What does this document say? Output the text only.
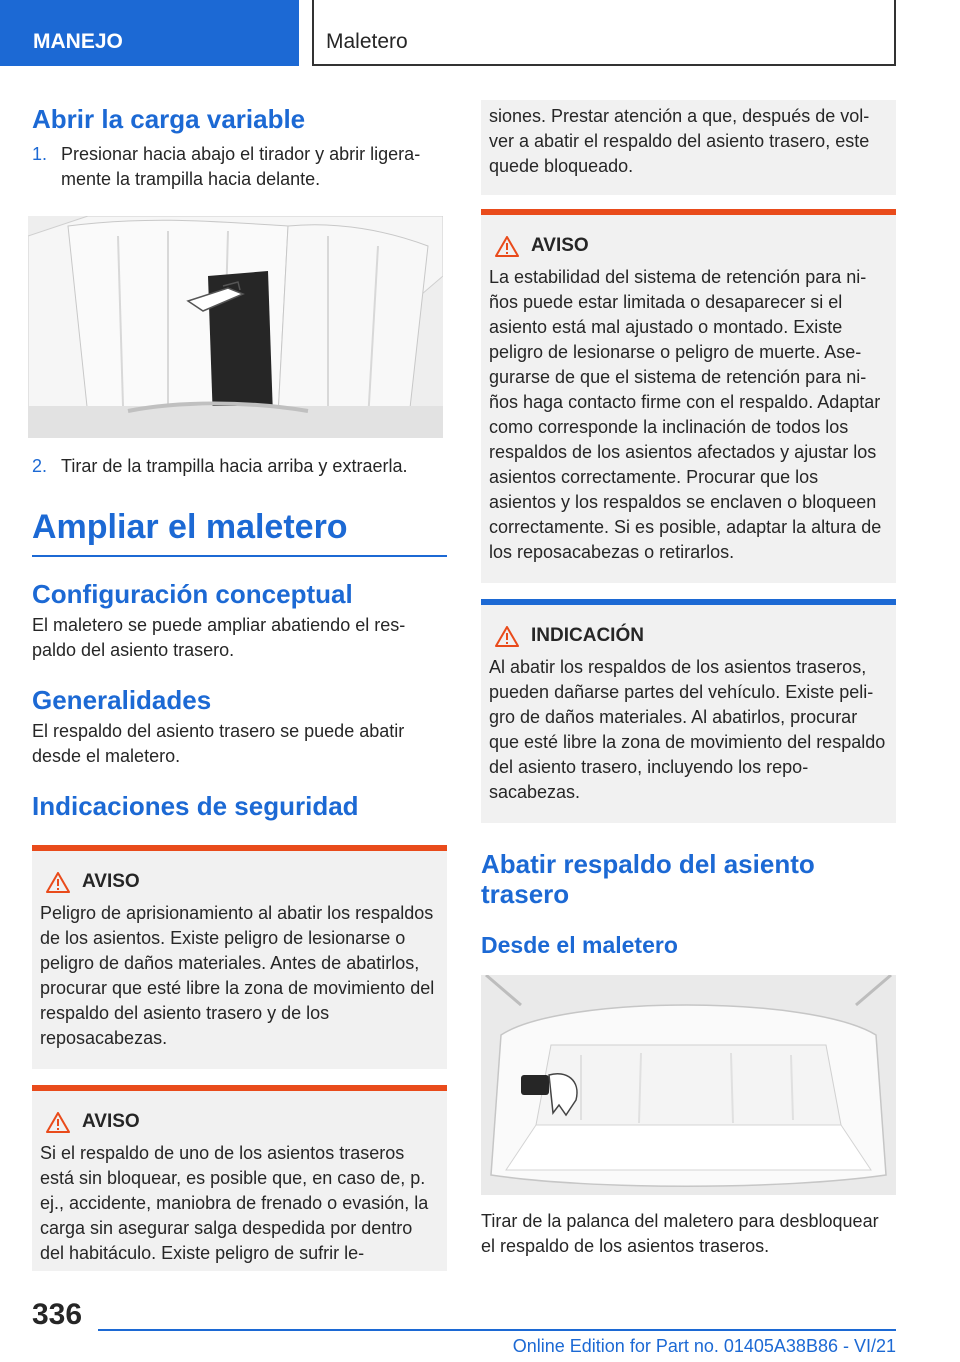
MANEJO	Maletero
Abrir la carga variable
1. Presionar hacia abajo el tirador y abrir ligeramente la trampilla hacia delante.
2. Tirar de la trampilla hacia arriba y extraerla.
Ampliar el maletero
Configuración conceptual
El maletero se puede ampliar abatiendo el respaldo del asiento trasero.
Generalidades
El respaldo del asiento trasero se puede abatir desde el maletero.
Indicaciones de seguridad
AVISO
Peligro de aprisionamiento al abatir los respaldos de los asientos. Existe peligro de lesionarse o peligro de daños materiales. Antes de abatirlos, procurar que esté libre la zona de movimiento del respaldo del asiento trasero y de los reposacabezas.
AVISO
Si el respaldo de uno de los asientos traseros está sin bloquear, es posible que, en caso de, p. ej., accidente, maniobra de frenado o evasión, la carga sin asegurar salga despedida por dentro del habitáculo. Existe peligro de sufrir le-
siones. Prestar atención a que, después de volver a abatir el respaldo del asiento trasero, este quede bloqueado.
AVISO
La estabilidad del sistema de retención para niños puede estar limitada o desaparecer si el asiento está mal ajustado o montado. Existe peligro de lesionarse o peligro de muerte. Asegurarse de que el sistema de retención para niños haga contacto firme con el respaldo. Adaptar como corresponde la inclinación de todos los respaldos de los asientos afectados y ajustar los asientos correctamente. Procurar que los asientos y los respaldos se enclaven o bloqueen correctamente. Si es posible, adaptar la altura de los reposacabezas o retirarlos.
INDICACIÓN
Al abatir los respaldos de los asientos traseros, pueden dañarse partes del vehículo. Existe peligro de daños materiales. Al abatirlos, procurar que esté libre la zona de movimiento del respaldo del asiento trasero, incluyendo los reposacabezas.
Abatir respaldo del asiento trasero
Desde el maletero
Tirar de la palanca del maletero para desbloquear el respaldo de los asientos traseros.
336
Online Edition for Part no. 01405A38B86 - VI/21
